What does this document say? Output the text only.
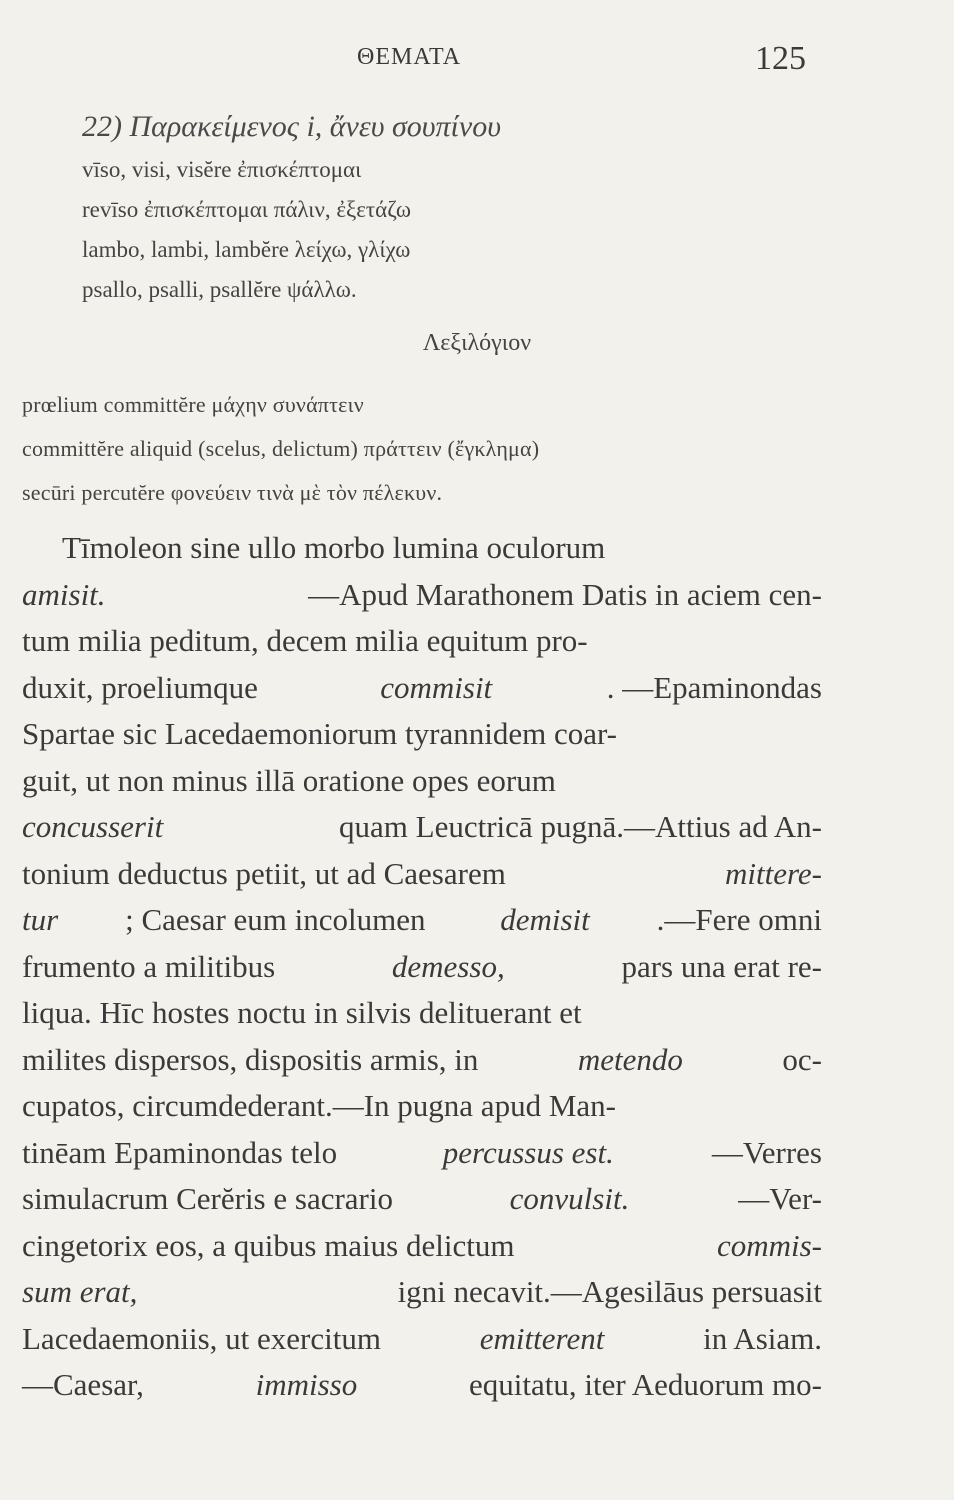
ΘΕΜΑΤΑ	125
22) Παρακείμενος i, ἄνευ σουπίνου
vīso, visi, visĕre ἐπισκέπτομαι
revīso ἐπισκέπτομαι πάλιν, ἐξετάζω
lambo, lambi, lambĕre λείχω, γλίχω
psallo, psalli, psallĕre ψάλλω.
Λεξιλόγιον
prœlium committĕre μάχην συνάπτειν
committĕre aliquid (scelus, delictum) πράττειν (ἔγκλημα)
secūri percutĕre φονεύειν τινὰ μὲ τὸν πέλεκυν.
Tīmoleon sine ullo morbo lumina oculorum
amisit.	—Apud Marathonem Datis in aciem cen-
tum milia peditum, decem milia equitum pro-
duxit, proeliumque	commisit	. —Epaminondas
Spartae sic Lacedaemoniorum tyrannidem coar-
guit, ut non minus illā oratione opes eorum
concusserit	quam Leuctricā pugnā.—Attius ad An-
tonium deductus petiit, ut ad Caesarem	mittere-
tur ; Caesar eum incolumen demisit .—Fere omni
frumento a militibus	demesso,	pars una erat re-
liqua. Hīc hostes noctu in silvis delituerant et
milites dispersos, dispositis armis, in	metendo	oc-
cupatos, circumdederant.—In pugna apud Man-
tinēam Epaminondas telo	percussus est.	—Verres
simulacrum Cerĕris e sacrario	convulsit.	—Ver-
cingetorix eos, a quibus maius delictum	commis-
sum erat,	igni necavit.—Agesilāus persuasit
Lacedaemoniis, ut exercitum	emitterent	in Asiam.
—Caesar,	immisso	equitatu, iter Aeduorum mo-
